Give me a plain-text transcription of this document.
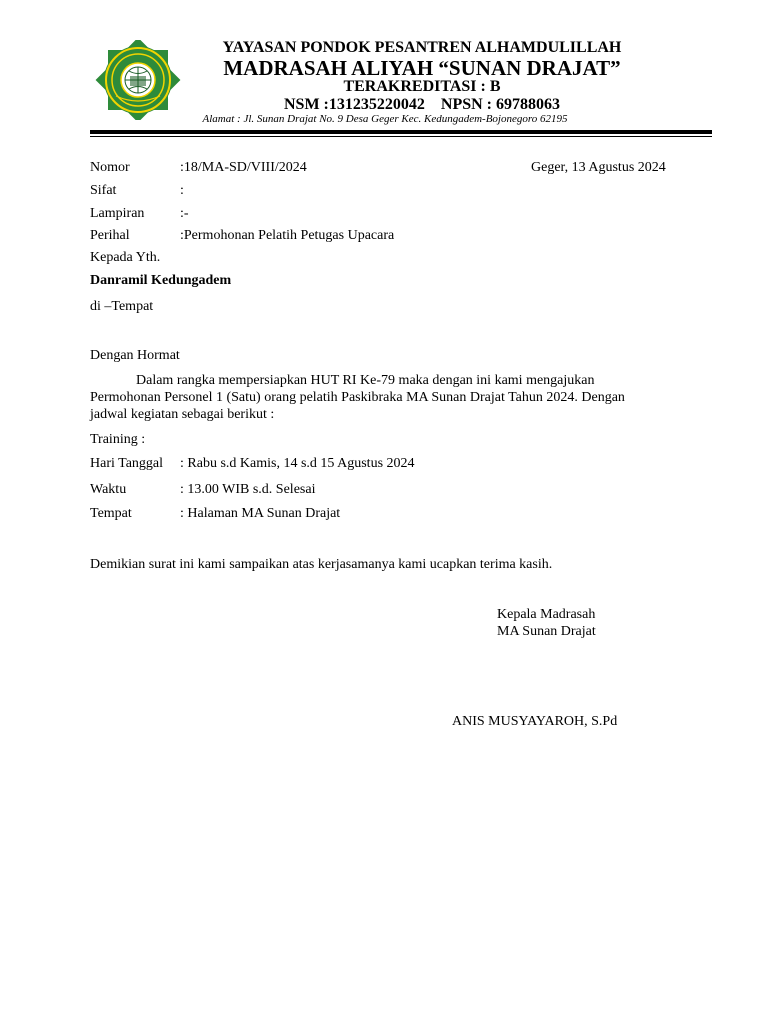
YAYASAN PONDOK PESANTREN ALHAMDULILLAH
MADRASAH ALIYAH “SUNAN DRAJAT”
TERAKREDITASI : B
NSM :131235220042 NPSN : 69788063
Alamat : Jl. Sunan Drajat No. 9 Desa Geger Kec. Kedungadem-Bojonegoro 62195
Nomor	:18/MA-SD/VIII/2024	Geger, 13 Agustus 2024
Sifat	:
Lampiran	:-
Perihal	:Permohonan Pelatih Petugas Upacara
Kepada Yth.
Danramil Kedungadem
di –Tempat
Dengan Hormat
Dalam rangka mempersiapkan HUT RI Ke-79 maka dengan ini kami mengajukan
Permohonan Personel 1 (Satu) orang pelatih Paskibraka MA Sunan Drajat Tahun 2024. Dengan
jadwal kegiatan sebagai berikut :
Training :
Hari Tanggal : Rabu s.d Kamis, 14 s.d 15 Agustus 2024
Waktu	: 13.00 WIB s.d. Selesai
Tempat	: Halaman MA Sunan Drajat
Demikian surat ini kami sampaikan atas kerjasamanya kami ucapkan terima kasih.
Kepala Madrasah
MA Sunan Drajat
ANIS MUSYAYAROH, S.Pd
